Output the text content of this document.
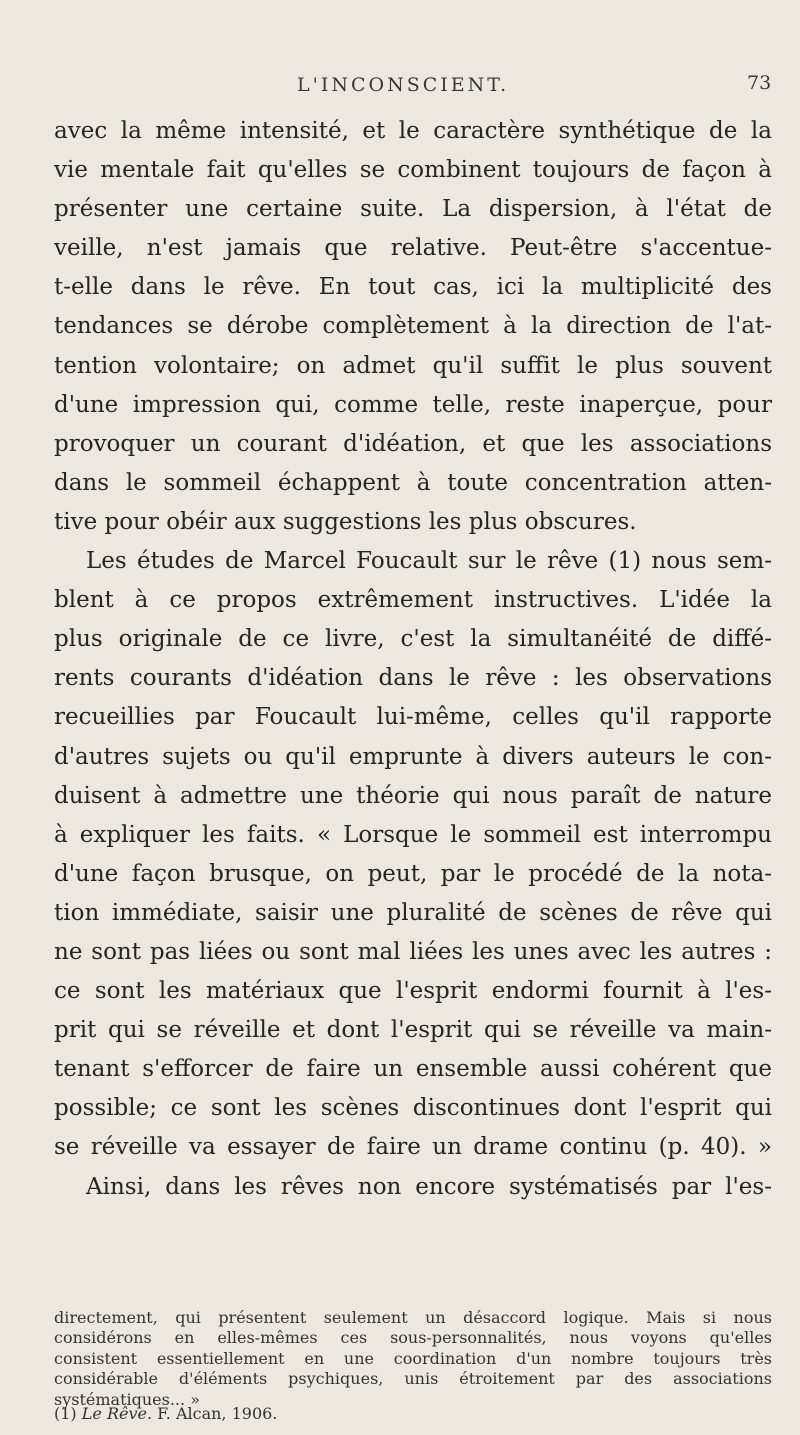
L'INCONSCIENT.	73
avec la même intensité, et le caractère synthétique de la
vie mentale fait qu'elles se combinent toujours de façon à
présenter une certaine suite. La dispersion, à l'état de
veille, n'est jamais que relative. Peut-être s'accentue-
t-elle dans le rêve. En tout cas, ici la multiplicité des
tendances se dérobe complètement à la direction de l'at-
tention volontaire; on admet qu'il suffit le plus souvent
d'une impression qui, comme telle, reste inaperçue, pour
provoquer un courant d'idéation, et que les associations
dans le sommeil échappent à toute concentration atten-
tive pour obéir aux suggestions les plus obscures.
Les études de Marcel Foucault sur le rêve (1) nous sem-
blent à ce propos extrêmement instructives. L'idée la
plus originale de ce livre, c'est la simultanéité de diffé-
rents courants d'idéation dans le rêve : les observations
recueillies par Foucault lui-même, celles qu'il rapporte
d'autres sujets ou qu'il emprunte à divers auteurs le con-
duisent à admettre une théorie qui nous paraît de nature
à expliquer les faits. « Lorsque le sommeil est interrompu
d'une façon brusque, on peut, par le procédé de la nota-
tion immédiate, saisir une pluralité de scènes de rêve qui
ne sont pas liées ou sont mal liées les unes avec les autres :
ce sont les matériaux que l'esprit endormi fournit à l'es-
prit qui se réveille et dont l'esprit qui se réveille va main-
tenant s'efforcer de faire un ensemble aussi cohérent que
possible; ce sont les scènes discontinues dont l'esprit qui
se réveille va essayer de faire un drame continu (p. 40). »
Ainsi, dans les rêves non encore systématisés par l'es-
directement, qui présentent seulement un désaccord logique. Mais si nous
considérons en elles-mêmes ces sous-personnalités, nous voyons qu'elles
consistent essentiellement en une coordination d'un nombre toujours très
considérable d'éléments psychiques, unis étroitement par des associations
systématiques... »
(1) Le Rêve. F. Alcan, 1906.
